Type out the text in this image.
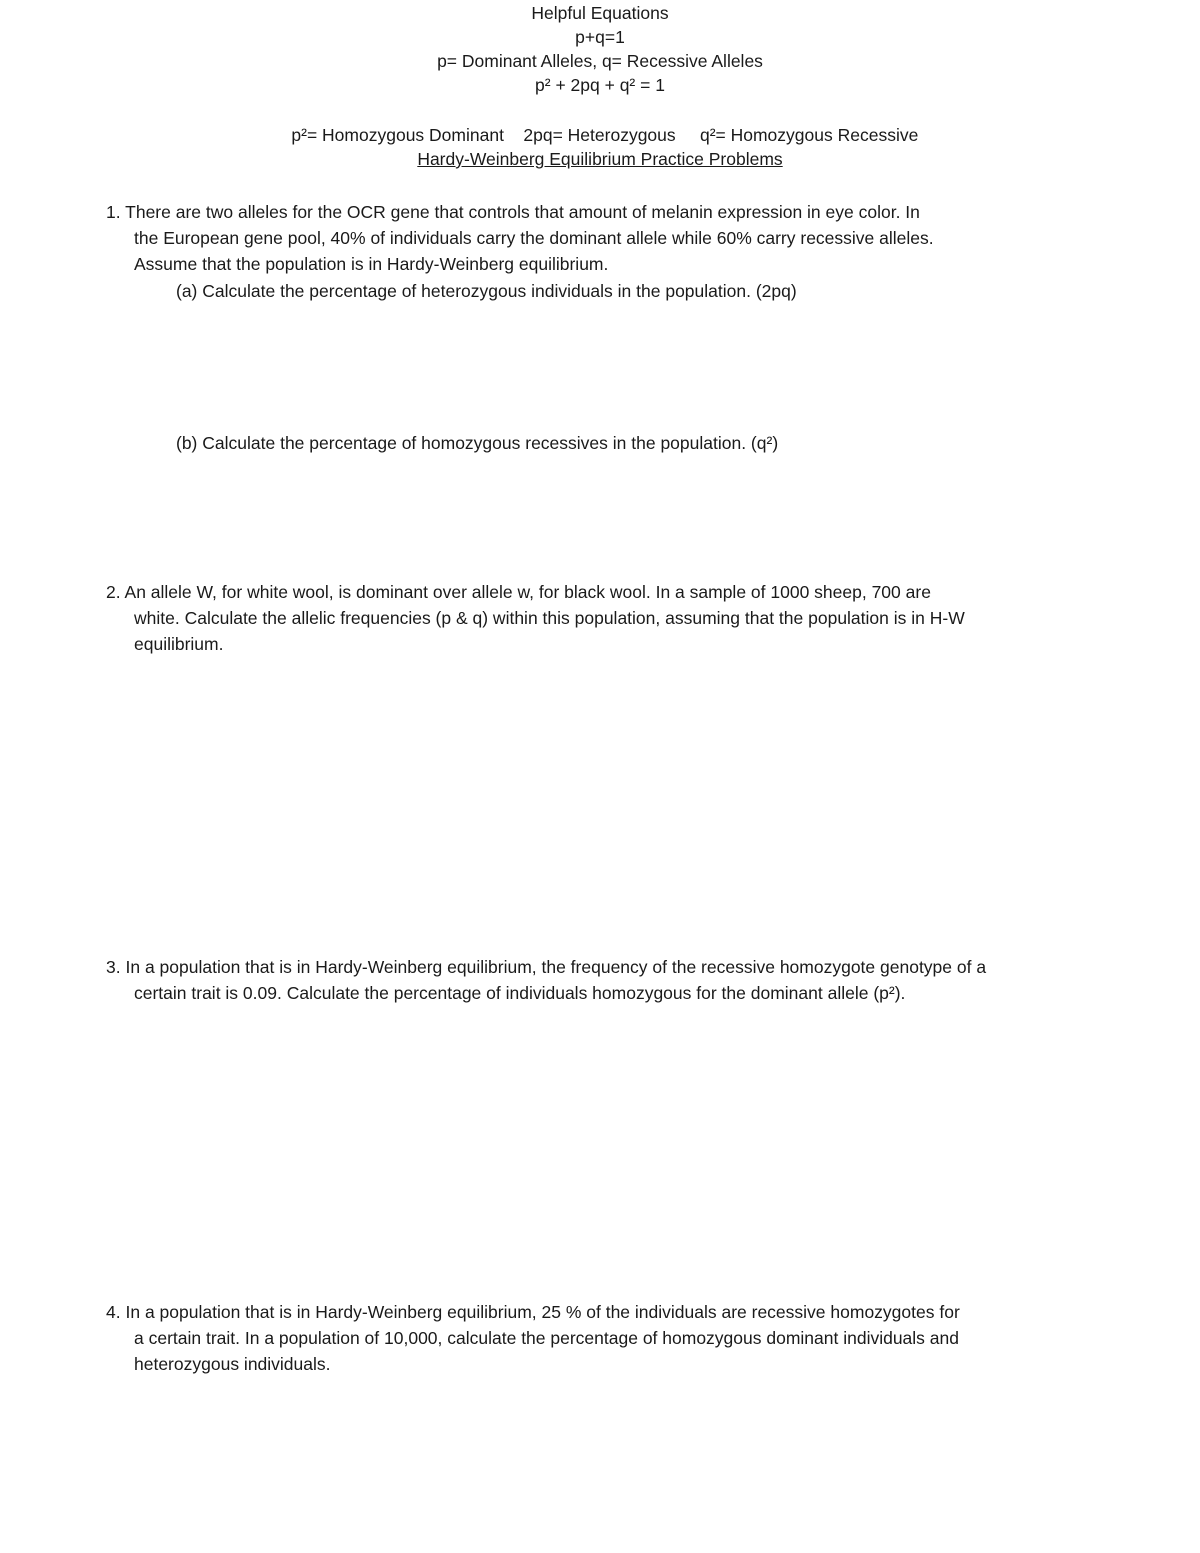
Helpful Equations
p+q=1
p= Dominant Alleles, q= Recessive Alleles
p² + 2pq + q² = 1

p²= Homozygous Dominant 2pq= Heterozygous q²= Homozygous Recessive

Hardy-Weinberg Equilibrium Practice Problems
1. There are two alleles for the OCR gene that controls that amount of melanin expression in eye color. In
the European gene pool, 40% of individuals carry the dominant allele while 60% carry recessive alleles.
Assume that the population is in Hardy-Weinberg equilibrium.
(a) Calculate the percentage of heterozygous individuals in the population. (2pq)
(b) Calculate the percentage of homozygous recessives in the population. (q²)
2. An allele W, for white wool, is dominant over allele w, for black wool. In a sample of 1000 sheep, 700 are
white. Calculate the allelic frequencies (p & q) within this population, assuming that the population is in H-W
equilibrium.
3. In a population that is in Hardy-Weinberg equilibrium, the frequency of the recessive homozygote genotype of a
certain trait is 0.09. Calculate the percentage of individuals homozygous for the dominant allele (p²).
4. In a population that is in Hardy-Weinberg equilibrium, 25 % of the individuals are recessive homozygotes for
a certain trait. In a population of 10,000, calculate the percentage of homozygous dominant individuals and
heterozygous individuals.
